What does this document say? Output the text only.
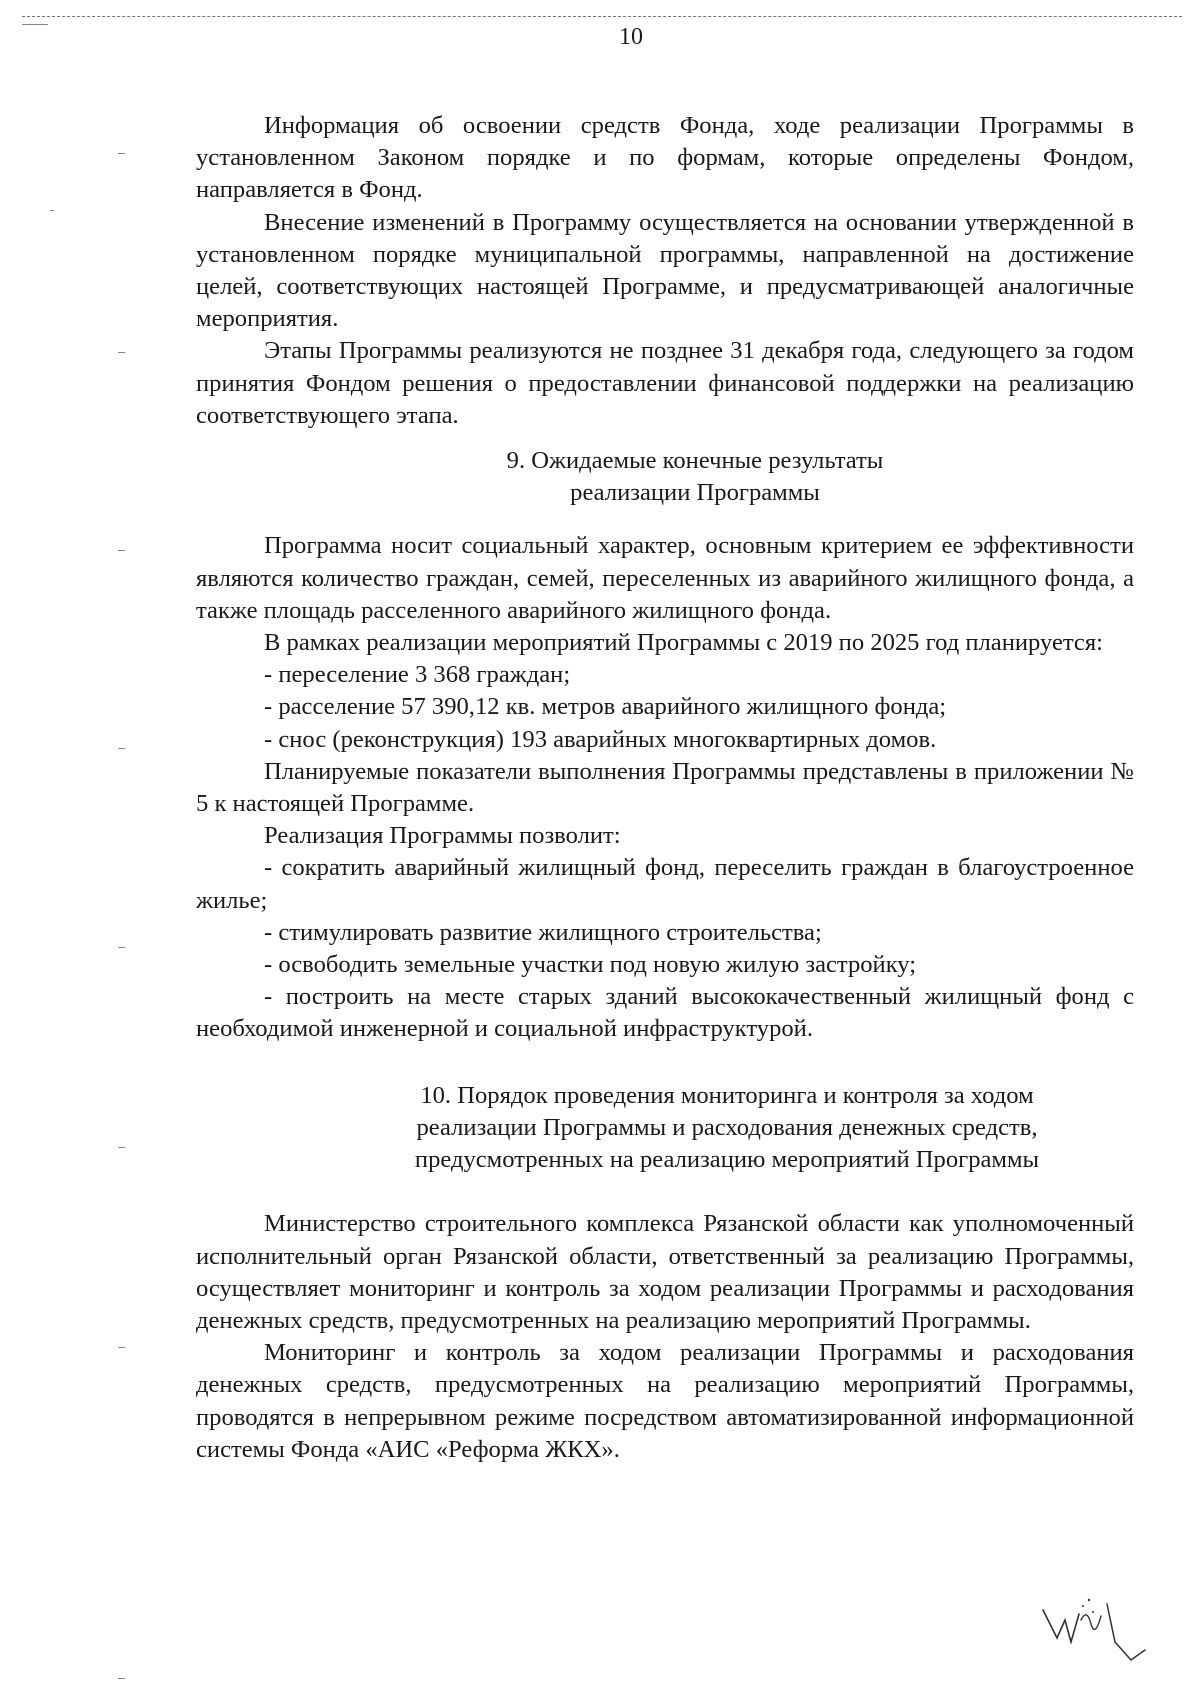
10

Информация об освоении средств Фонда, ходе реализации Программы в установленном Законом порядке и по формам, которые определены Фондом, направляется в Фонд.

Внесение изменений в Программу осуществляется на основании утвержденной в установленном порядке муниципальной программы, направленной на достижение целей, соответствующих настоящей Программе, и предусматривающей аналогичные мероприятия.

Этапы Программы реализуются не позднее 31 декабря года, следующего за годом принятия Фондом решения о предоставлении финансовой поддержки на реализацию соответствующего этапа.

9. Ожидаемые конечные результаты
реализации Программы

Программа носит социальный характер, основным критерием ее эффективности являются количество граждан, семей, переселенных из аварийного жилищного фонда, а также площадь расселенного аварийного жилищного фонда.

В рамках реализации мероприятий Программы с 2019 по 2025 год планируется:

- переселение 3 368 граждан;

- расселение 57 390,12 кв. метров аварийного жилищного фонда;

- снос (реконструкция) 193 аварийных многоквартирных домов.

Планируемые показатели выполнения Программы представлены в приложении № 5 к настоящей Программе.

Реализация Программы позволит:

- сократить аварийный жилищный фонд, переселить граждан в благоустроенное жилье;

- стимулировать развитие жилищного строительства;

- освободить земельные участки под новую жилую застройку;

- построить на месте старых зданий высококачественный жилищный фонд с необходимой инженерной и социальной инфраструктурой.

10. Порядок проведения мониторинга и контроля за ходом
реализации Программы и расходования денежных средств,
предусмотренных на реализацию мероприятий Программы

Министерство строительного комплекса Рязанской области как уполномоченный исполнительный орган Рязанской области, ответственный за реализацию Программы, осуществляет мониторинг и контроль за ходом реализации Программы и расходования денежных средств, предусмотренных на реализацию мероприятий Программы.

Мониторинг и контроль за ходом реализации Программы и расходования денежных средств, предусмотренных на реализацию мероприятий Программы, проводятся в непрерывном режиме посредством автоматизированной информационной системы Фонда «АИС «Реформа ЖКХ».
